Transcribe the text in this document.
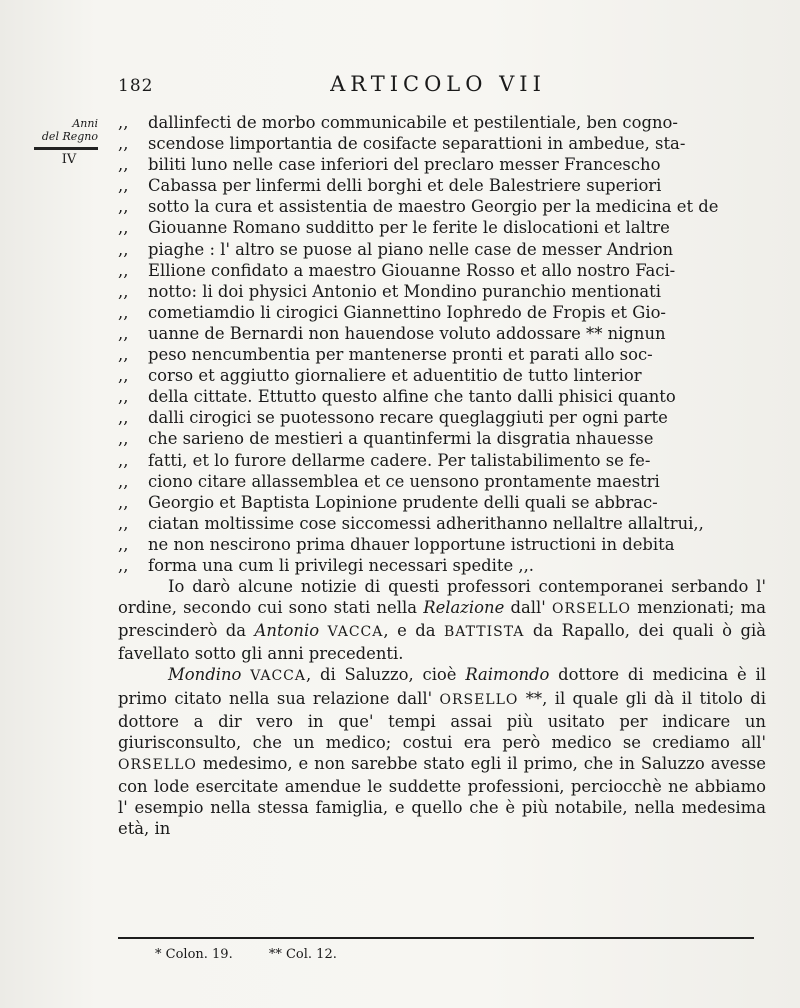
182	ARTICOLO VII
Anni
del Regno
IV
,, dallinfecti de morbo communicabile et pestilentiale, ben cogno-
,, scendose limportantia de cosifacte separattioni in ambedue, sta-
,, biliti luno nelle case inferiori del preclaro messer Francescho
,, Cabassa per linfermi delli borghi et dele Balestriere superiori
,, sotto la cura et assistentia de maestro Georgio per la medicina et de
,, Giouanne Romano sudditto per le ferite le dislocationi et laltre
,, piaghe : l' altro se puose al piano nelle case de messer Andrion
,, Ellione confidato a maestro Giouanne Rosso et allo nostro Faci-
,, notto: li doi physici Antonio et Mondino puranchio mentionati
,, cometiamdio li cirogici Giannettino Iophredo de Fropis et Gio-
,, uanne de Bernardi non hauendose voluto addossare ** nignun
,, peso nencumbentia per mantenerse pronti et parati allo soc-
,, corso et aggiutto giornaliere et aduentitio de tutto linterior
,, della cittate. Ettutto questo alfine che tanto dalli phisici quanto
,, dalli cirogici se puotessono recare queglaggiuti per ogni parte
,, che sarieno de mestieri a quantinfermi la disgratia nhauesse
,, fatti, et lo furore dellarme cadere. Per talistabilimento se fe-
,, ciono citare allassemblea et ce uensono prontamente maestri
,, Georgio et Baptista Lopinione prudente delli quali se abbrac-
,, ciatan moltissime cose siccomessi adherithanno nellaltre allaltrui,,
,, ne non nescirono prima dhauer lopportune istructioni in debita
,, forma una cum li privilegi necessari spedite ,,.

Io darò alcune notizie di questi professori contemporanei serbando l' ordine, secondo cui sono stati nella Relazione dall' ORSELLO menzionati; ma prescinderò da Antonio VACCA, e da BATTISTA da Rapallo, dei quali ò già favellato sotto gli anni precedenti.

Mondino VACCA, di Saluzzo, cioè Raimondo dottore di medicina è il primo citato nella sua relazione dall' ORSELLO **, il quale gli dà il titolo di dottore a dir vero in que' tempi assai più usitato per indicare un giurisconsulto, che un medico; costui era però medico se crediamo all' ORSELLO medesimo, e non sarebbe stato egli il primo, che in Saluzzo avesse con lode esercitate amendue le suddette professioni, perciocchè ne abbiamo l' esempio nella stessa famiglia, e quello che è più notabile, nella medesima età, in

* Colon. 19.	** Col. 12.
